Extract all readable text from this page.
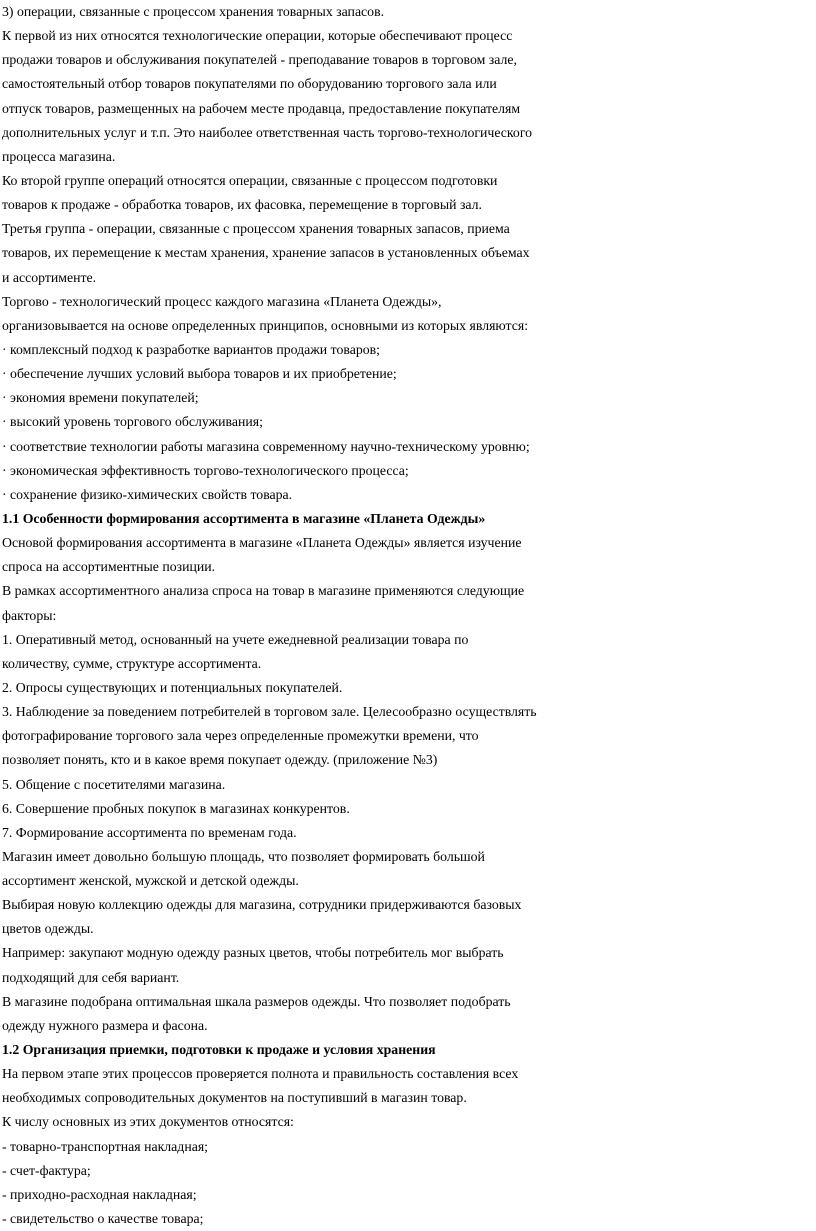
3) операции, связанные с процессом хранения товарных запасов.
К первой из них относятся технологические операции, которые обеспечивают процесс
продажи товаров и обслуживания покупателей - преподавание товаров в торговом зале,
самостоятельный отбор товаров покупателями по оборудованию торгового зала или
отпуск товаров, размещенных на рабочем месте продавца, предоставление покупателям
дополнительных услуг и т.п. Это наиболее ответственная часть торгово-технологического
процесса магазина.
Ко второй группе операций относятся операции, связанные с процессом подготовки
товаров к продаже - обработка товаров, их фасовка, перемещение в торговый зал.
Третья группа - операции, связанные с процессом хранения товарных запасов, приема
товаров, их перемещение к местам хранения, хранение запасов в установленных объемах
и ассортименте.
Торгово - технологический процесс каждого магазина «Планета Одежды»,
организовывается на основе определенных принципов, основными из которых являются:
· комплексный подход к разработке вариантов продажи товаров;
· обеспечение лучших условий выбора товаров и их приобретение;
· экономия времени покупателей;
· высокий уровень торгового обслуживания;
· соответствие технологии работы магазина современному научно-техническому уровню;
· экономическая эффективность торгово-технологического процесса;
· сохранение физико-химических свойств товара.
1.1 Особенности формирования ассортимента в магазине «Планета Одежды»
Основой формирования ассортимента в магазине «Планета Одежды» является изучение
спроса на ассортиментные позиции.
В рамках ассортиментного анализа спроса на товар в магазине применяются следующие
факторы:
1. Оперативный метод, основанный на учете ежедневной реализации товара по
количеству, сумме, структуре ассортимента.
2. Опросы существующих и потенциальных покупателей.
3. Наблюдение за поведением потребителей в торговом зале. Целесообразно осуществлять
фотографирование торгового зала через определенные промежутки времени, что
позволяет понять, кто и в какое время покупает одежду. (приложение №3)
5. Общение с посетителями магазина.
6. Совершение пробных покупок в магазинах конкурентов.
7. Формирование ассортимента по временам года.
Магазин имеет довольно большую площадь, что позволяет формировать большой
ассортимент женской, мужской и детской одежды.
Выбирая новую коллекцию одежды для магазина, сотрудники придерживаются базовых
цветов одежды.
Например: закупают модную одежду разных цветов, чтобы потребитель мог выбрать
подходящий для себя вариант.
В магазине подобрана оптимальная шкала размеров одежды. Что позволяет подобрать
одежду нужного размера и фасона.
1.2 Организация приемки, подготовки к продаже и условия хранения
На первом этапе этих процессов проверяется полнота и правильность составления всех
необходимых сопроводительных документов на поступивший в магазин товар.
К числу основных из этих документов относятся:
- товарно-транспортная накладная;
- счет-фактура;
- приходно-расходная накладная;
- свидетельство о качестве товара;
